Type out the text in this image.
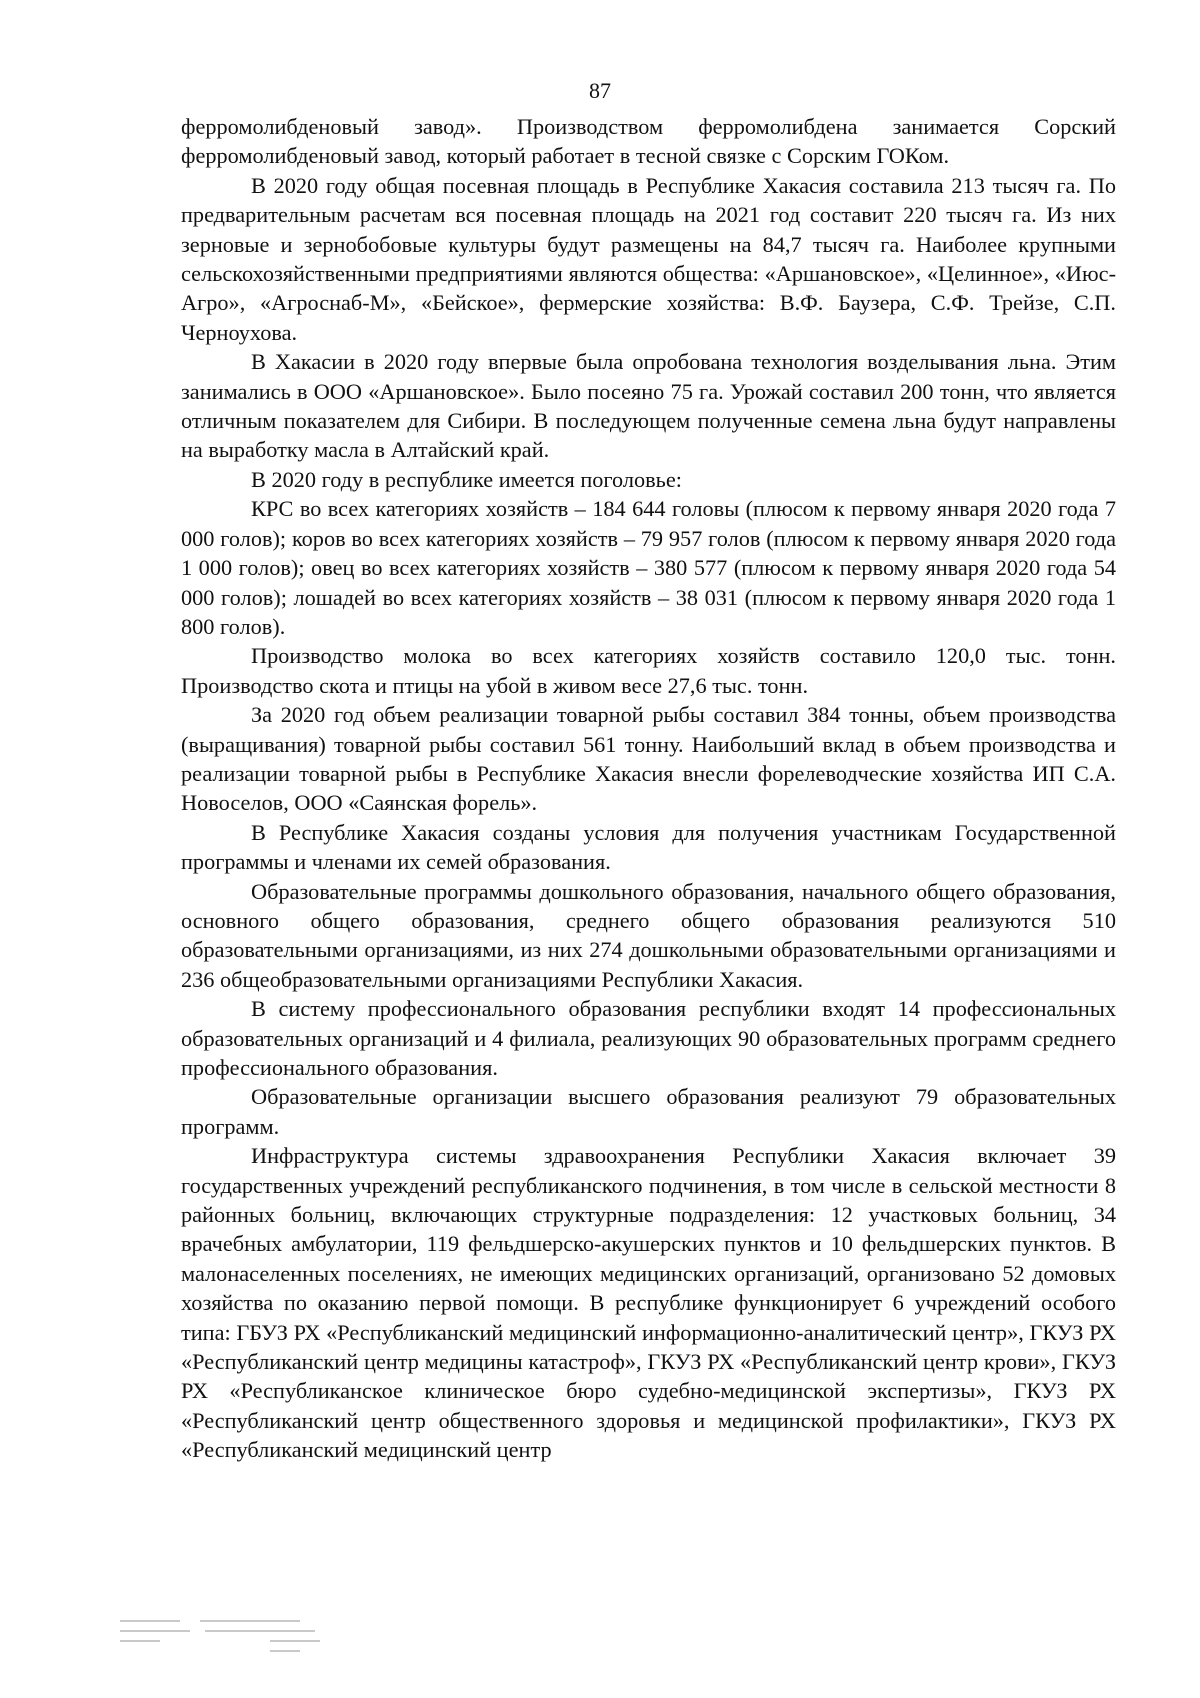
87

ферромолибденовый завод». Производством ферромолибдена занимается Сорский ферромолибденовый завод, который работает в тесной связке с Сорским ГОКом.

В 2020 году общая посевная площадь в Республике Хакасия составила 213 тысяч га. По предварительным расчетам вся посевная площадь на 2021 год составит 220 тысяч га. Из них зерновые и зернобобовые культуры будут размещены на 84,7 тысяч га. Наиболее крупными сельскохозяйственными предприятиями являются общества: «Аршановское», «Целинное», «Июс-Агро», «Агроснаб-М», «Бейское», фермерские хозяйства: В.Ф. Баузера, С.Ф. Трейзе, С.П. Черноухова.

В Хакасии в 2020 году впервые была опробована технология возделывания льна. Этим занимались в ООО «Аршановское». Было посеяно 75 га. Урожай составил 200 тонн, что является отличным показателем для Сибири. В последующем полученные семена льна будут направлены на выработку масла в Алтайский край.

В 2020 году в республике имеется поголовье:

КРС во всех категориях хозяйств – 184 644 головы (плюсом к первому января 2020 года 7 000 голов); коров во всех категориях хозяйств – 79 957 голов (плюсом к первому января 2020 года 1 000 голов); овец во всех категориях хозяйств – 380 577 (плюсом к первому января 2020 года 54 000 голов); лошадей во всех категориях хозяйств – 38 031 (плюсом к первому января 2020 года 1 800 голов).

Производство молока во всех категориях хозяйств составило 120,0 тыс. тонн. Производство скота и птицы на убой в живом весе 27,6 тыс. тонн.

За 2020 год объем реализации товарной рыбы составил 384 тонны, объем производства (выращивания) товарной рыбы составил 561 тонну. Наибольший вклад в объем производства и реализации товарной рыбы в Республике Хакасия внесли форелеводческие хозяйства ИП С.А. Новоселов, ООО «Саянская форель».

В Республике Хакасия созданы условия для получения участникам Государственной программы и членами их семей образования.

Образовательные программы дошкольного образования, начального общего образования, основного общего образования, среднего общего образования реализуются 510 образовательными организациями, из них 274 дошкольными образовательными организациями и 236 общеобразовательными организациями Республики Хакасия.

В систему профессионального образования республики входят 14 профессиональных образовательных организаций и 4 филиала, реализующих 90 образовательных программ среднего профессионального образования.

Образовательные организации высшего образования реализуют 79 образовательных программ.

Инфраструктура системы здравоохранения Республики Хакасия включает 39 государственных учреждений республиканского подчинения, в том числе в сельской местности 8 районных больниц, включающих структурные подразделения: 12 участковых больниц, 34 врачебных амбулатории, 119 фельдшерско-акушерских пунктов и 10 фельдшерских пунктов. В малонаселенных поселениях, не имеющих медицинских организаций, организовано 52 домовых хозяйства по оказанию первой помощи. В республике функционирует 6 учреждений особого типа: ГБУЗ РХ «Республиканский медицинский информационно-аналитический центр», ГКУЗ РХ «Республиканский центр медицины катастроф», ГКУЗ РХ «Республиканский центр крови», ГКУЗ РХ «Республиканское клиническое бюро судебно-медицинской экспертизы», ГКУЗ РХ «Республиканский центр общественного здоровья и медицинской профилактики», ГКУЗ РХ «Республиканский медицинский центр
